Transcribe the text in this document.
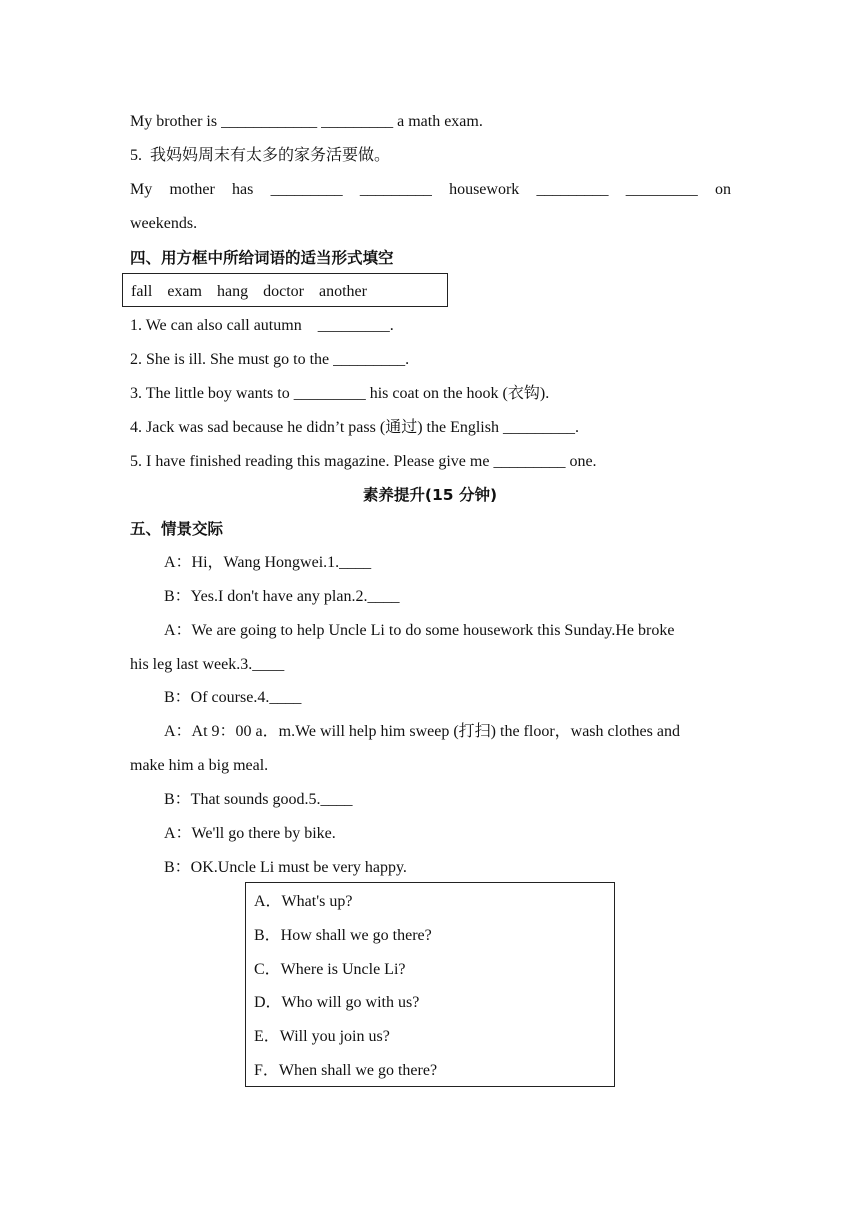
My brother is ____________ _________ a math exam.
5.  我妈妈周末有太多的家务活要做。
My mother has _________ _________ housework _________ _________ on
weekends.
四、用方框中所给词语的适当形式填空
fall exam hang doctor another
1. We can also call autumn    _________.
2. She is ill. She must go to the _________.
3. The little boy wants to _________ his coat on the hook (衣钩).
4. Jack was sad because he didn’t pass (通过) the English _________.
5. I have finished reading this magazine. Please give me _________ one.
素养提升(15 分钟)
五、情景交际
A：Hi，Wang Hongwei.1.____
B：Yes.I don't have any plan.2.____
A：We are going to help Uncle Li to do some housework this Sunday.He broke
his leg last week.3.____
B：Of course.4.____
A：At 9：00 a．m.We will help him sweep (打扫) the floor，wash clothes and
make him a big meal.
B：That sounds good.5.____
A：We'll go there by bike.
B：OK.Uncle Li must be very happy.
A．What's up?
B．How shall we go there?
C．Where is Uncle Li?
D．Who will go with us?
E．Will you join us?
F．When shall we go there?
